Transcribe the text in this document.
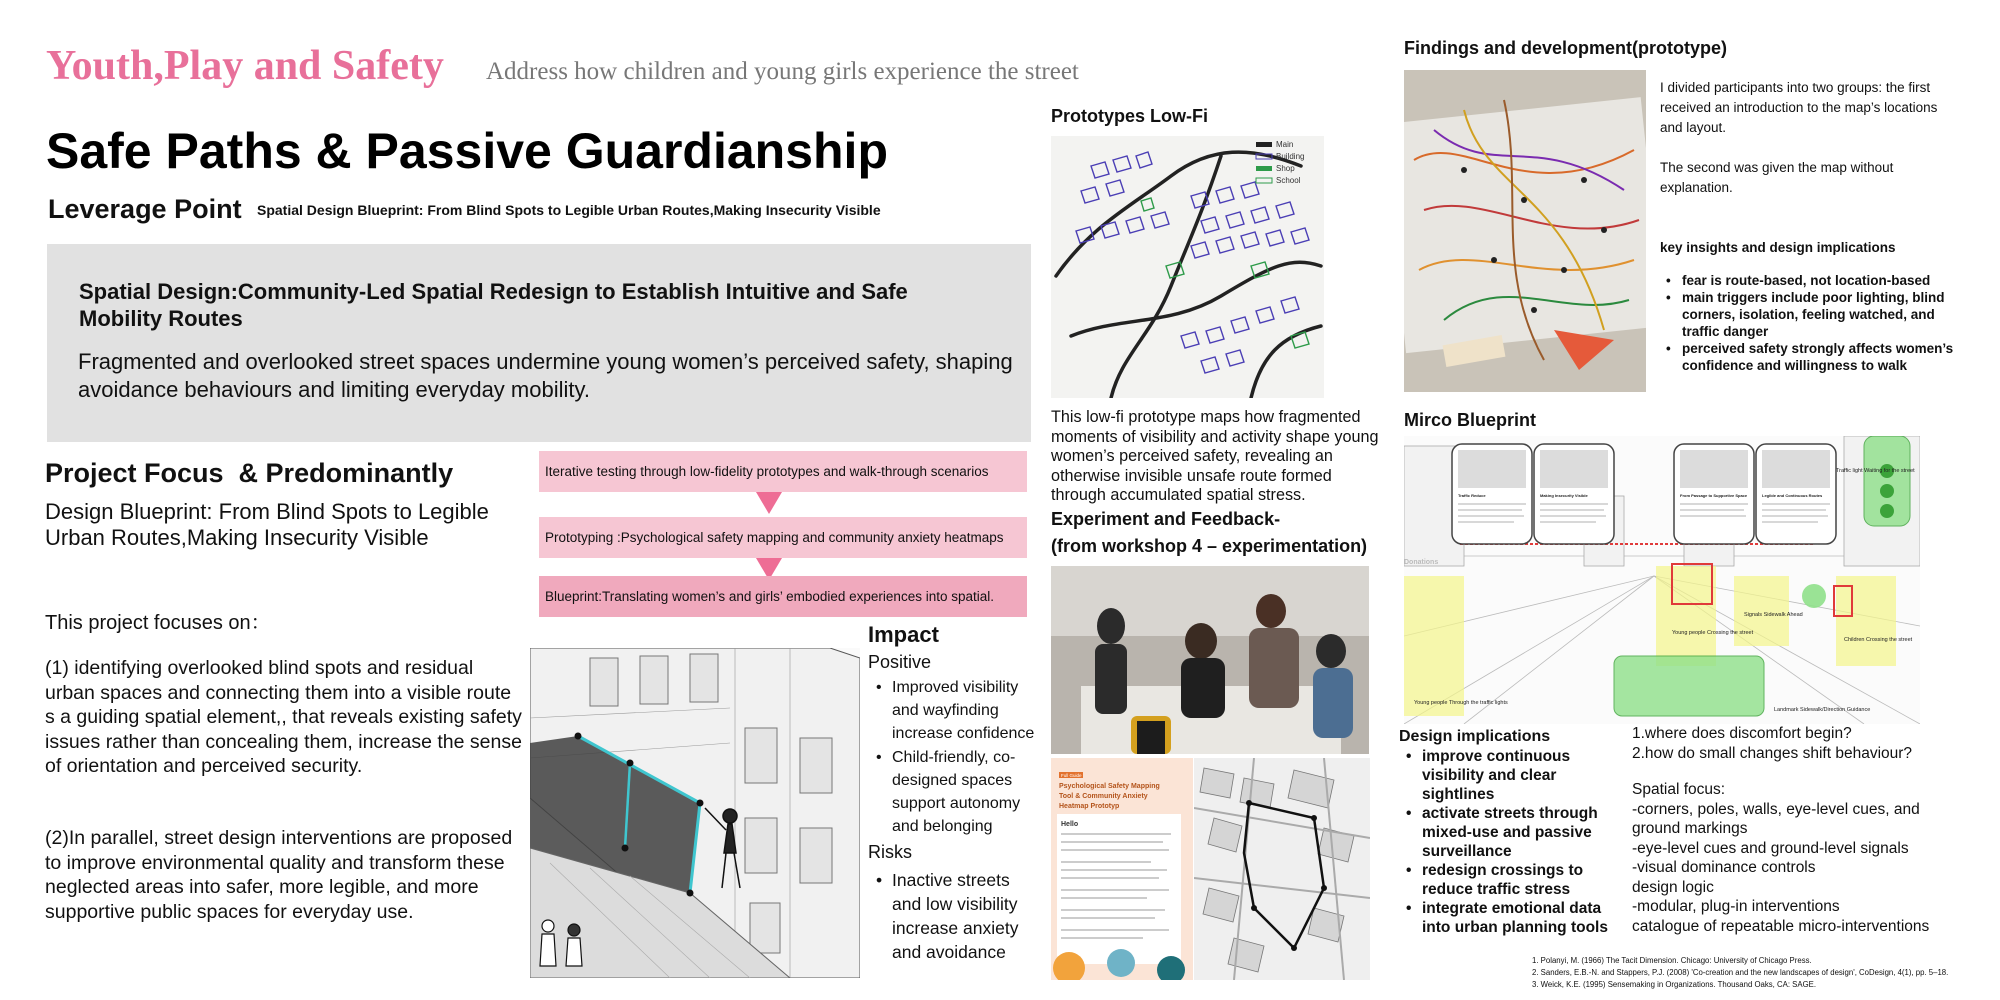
Youth,Play and Safety Address how children and young girls experience the street
Safe Paths & Passive Guardianship
Leverage Point Spatial Design Blueprint: From Blind Spots to Legible Urban Routes,Making Insecurity Visible
Spatial Design:Community-Led Spatial Redesign to Establish Intuitive and Safe Mobility Routes
Fragmented and overlooked street spaces undermine young women’s perceived safety, shaping avoidance behaviours and limiting everyday mobility.
Project Focus  & Predominantly
Design Blueprint: From Blind Spots to Legible Urban Routes,Making Insecurity Visible
This project focuses on：
(1) identifying overlooked blind spots and residual urban spaces and connecting them into a visible route s a guiding spatial element,, that reveals existing safety issues rather than concealing them, increase the sense of orientation and perceived security.
(2)In parallel, street design interventions are proposed to improve environmental quality and transform these neglected areas into safer, more legible, and more supportive public spaces for everyday use.
Iterative testing through low-fidelity prototypes and walk-through scenarios
Prototyping :Psychological safety mapping and community anxiety heatmaps
Blueprint:Translating women’s and girls’ embodied experiences into spatial.
Impact
Positive
• Improved visibility and wayfinding increase confidence
• Child-friendly, co-designed spaces support autonomy and belonging
Risks
• Inactive streets and low visibility increase anxiety and avoidance
Prototypes Low-Fi
Main
Building
Shop
School
This low-fi prototype maps how fragmented moments of visibility and activity shape young women’s perceived safety, revealing an otherwise invisible unsafe route formed through accumulated spatial stress.
Experiment and Feedback-
(from workshop 4 – experimentation)
Full Guide
Psychological Safety Mapping Tool & Community Anxiety Heatmap Prototyp
Hello
Findings and development(prototype)
I divided participants into two groups: the first received an introduction to the map’s locations and layout.
The second was given the map without explanation.
key insights and design implications
• fear is route-based, not location-based
• main triggers include poor lighting, blind corners, isolation, feeling watched, and traffic danger
• perceived safety strongly affects women’s confidence and willingness to walk
Mirco Blueprint
Traffic Reduce	Making Insecurity Visible	From Passage to Supportive Space	Legible and Continuous Routes
Traffic light Waiting for the street
Donations
Young people Crossing the street
Signals Sidewalk Ahead
Children Crossing the street
Young people Through the traffic lights
Landmark Sidewalk/Direction Guidance
Design implications
• improve continuous visibility and clear sightlines
• activate streets through mixed-use and passive surveillance
• redesign crossings to reduce traffic stress
• integrate emotional data into urban planning tools
1.where does discomfort begin?
2.how do small changes shift behaviour?
Spatial focus:
-corners, poles, walls, eye-level cues, and ground markings
-eye-level cues and ground-level signals
-visual dominance controls
design logic
-modular, plug-in interventions
catalogue of repeatable micro-interventions
1. Polanyi, M. (1966) The Tacit Dimension. Chicago: University of Chicago Press.
2. Sanders, E.B.-N. and Stappers, P.J. (2008) 'Co-creation and the new landscapes of design', CoDesign, 4(1), pp. 5–18.
3. Weick, K.E. (1995) Sensemaking in Organizations. Thousand Oaks, CA: SAGE.
